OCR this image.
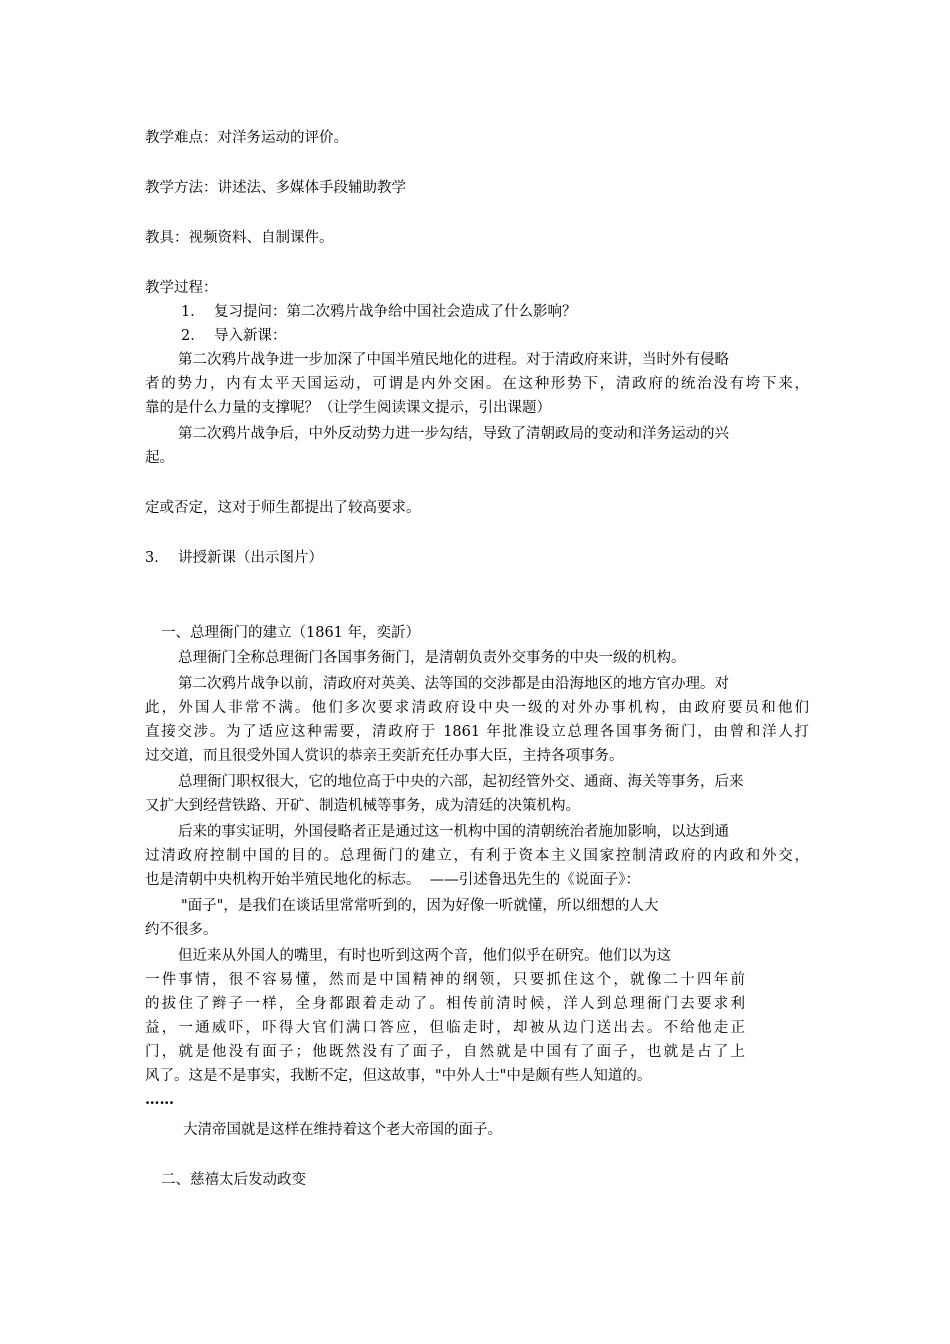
教学难点：对洋务运动的评价。
教学方法：讲述法、多媒体手段辅助教学
教具：视频资料、自制课件。
教学过程：
1．  复习提问：第二次鸦片战争给中国社会造成了什么影响？
2．  导入新课：
第二次鸦片战争进一步加深了中国半殖民地化的进程。对于清政府来讲，当时外有侵略
者的势力，内有太平天国运动，可谓是内外交困。在这种形势下，清政府的统治没有垮下来，
靠的是什么力量的支撑呢？（让学生阅读课文提示，引出课题）
第二次鸦片战争后，中外反动势力进一步勾结，导致了清朝政局的变动和洋务运动的兴
起。
定或否定，这对于师生都提出了较高要求。
3．  讲授新课（出示图片）
一、总理衙门的建立（1861 年，奕訢）
总理衙门全称总理衙门各国事务衙门，是清朝负责外交事务的中央一级的机构。
第二次鸦片战争以前，清政府对英美、法等国的交涉都是由沿海地区的地方官办理。对
此，外国人非常不满。他们多次要求清政府设中央一级的对外办事机构，由政府要员和他们
直接交涉。为了适应这种需要，清政府于 1861 年批准设立总理各国事务衙门，由曾和洋人打
过交道，而且很受外国人赏识的恭亲王奕訢充任办事大臣，主持各项事务。
总理衙门职权很大，它的地位高于中央的六部，起初经管外交、通商、海关等事务，后来
又扩大到经营铁路、开矿、制造机械等事务，成为清廷的决策机构。
后来的事实证明，外国侵略者正是通过这一机构中国的清朝统治者施加影响，以达到通
过清政府控制中国的目的。总理衙门的建立，有利于资本主义国家控制清政府的内政和外交，
也是清朝中央机构开始半殖民地化的标志。  ——引述鲁迅先生的《说面子》：
"面子"，是我们在谈话里常常听到的，因为好像一听就懂，所以细想的人大
约不很多。
但近来从外国人的嘴里，有时也听到这两个音，他们似乎在研究。他们以为这
一件事情，很不容易懂，然而是中国精神的纲领，只要抓住这个，就像二十四年前
的拔住了辫子一样，全身都跟着走动了。相传前清时候，洋人到总理衙门去要求利
益，一通威吓，吓得大官们满口答应，但临走时，却被从边门送出去。不给他走正
门，就是他没有面子；他既然没有了面子，自然就是中国有了面子，也就是占了上
风了。这是不是事实，我断不定，但这故事，"中外人士"中是颇有些人知道的。
……
大清帝国就是这样在维持着这个老大帝国的面子。
二、慈禧太后发动政变
